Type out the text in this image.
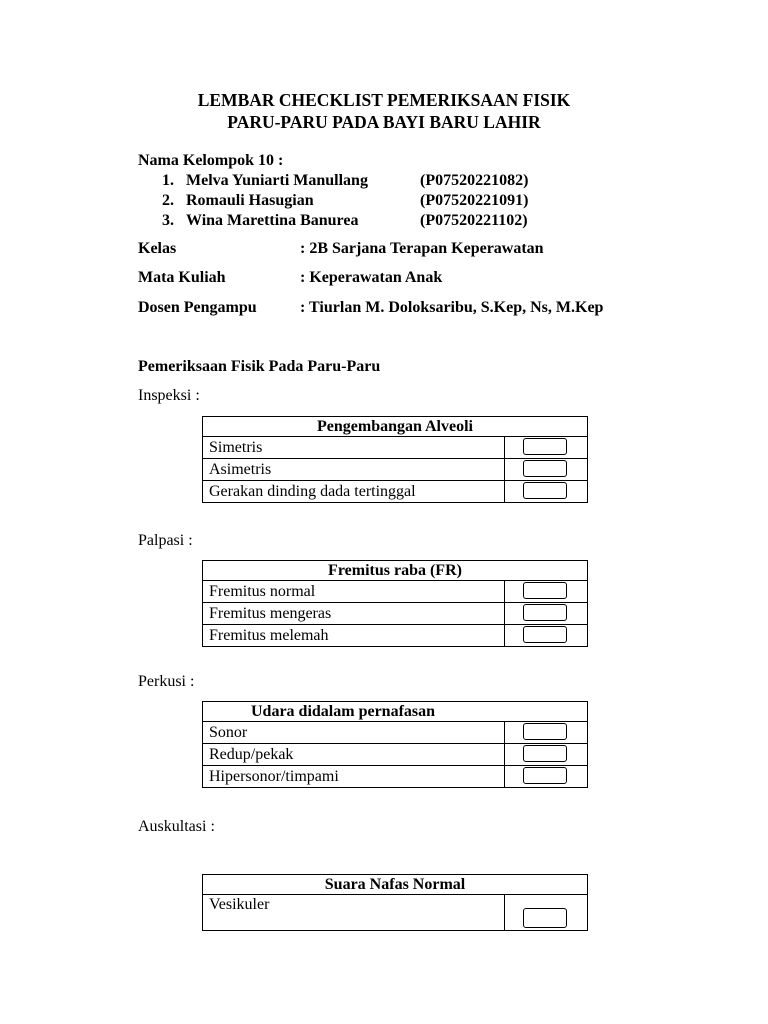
LEMBAR CHECKLIST PEMERIKSAAN FISIK
PARU-PARU PADA BAYI BARU LAHIR
Nama Kelompok 10 :
1. Melva Yuniarti Manullang	(P07520221082)
2. Romauli Hasugian	(P07520221091)
3. Wina Marettina Banurea	(P07520221102)
Kelas	: 2B Sarjana Terapan Keperawatan
Mata Kuliah	: Keperawatan Anak
Dosen Pengampu	: Tiurlan M. Doloksaribu, S.Kep, Ns, M.Kep
Pemeriksaan Fisik Pada Paru-Paru
Inspeksi :
Pengembangan Alveoli	
Simetris	

Asimetris	

Gerakan dinding dada tertinggal	
Palpasi :
Fremitus raba (FR)	
Fremitus normal	

Fremitus mengeras	

Fremitus melemah	
Perkusi :
Udara didalam pernafasan	
Sonor	

Redup/pekak	

Hipersonor/timpami	
Auskultasi :
Suara Nafas Normal
Vesikuler	
